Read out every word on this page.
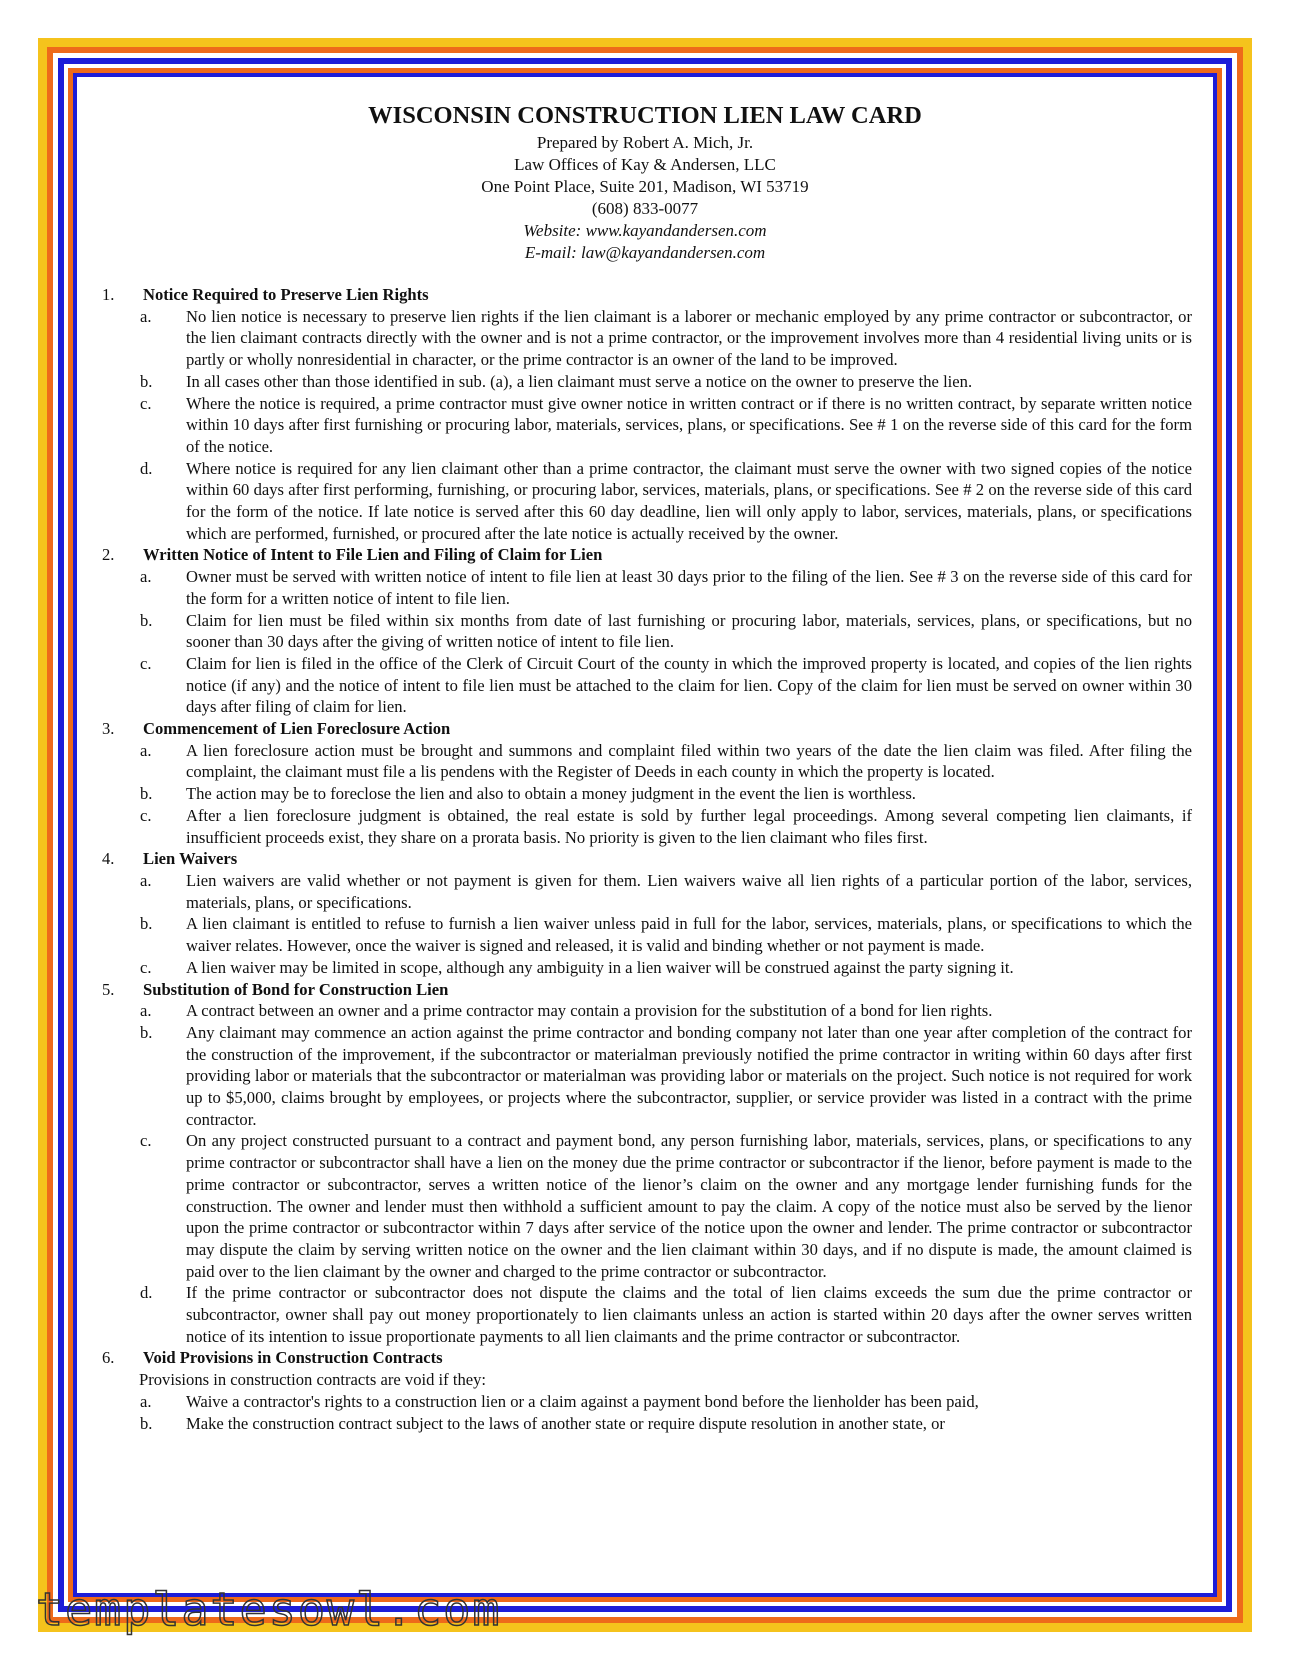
WISCONSIN CONSTRUCTION LIEN LAW CARD
Prepared by Robert A. Mich, Jr.
Law Offices of Kay & Andersen, LLC
One Point Place, Suite 201, Madison, WI 53719
(608) 833-0077
Website: www.kayandandersen.com
E-mail: law@kayandandersen.com
1.	Notice Required to Preserve Lien Rights
a.	No lien notice is necessary to preserve lien rights if the lien claimant is a laborer or mechanic employed by any prime contractor or subcontractor, or the lien claimant contracts directly with the owner and is not a prime contractor, or the improvement involves more than 4 residential living units or is partly or wholly nonresidential in character, or the prime contractor is an owner of the land to be improved.
b.	In all cases other than those identified in sub. (a), a lien claimant must serve a notice on the owner to preserve the lien.
c.	Where the notice is required, a prime contractor must give owner notice in written contract or if there is no written contract, by separate written notice within 10 days after first furnishing or procuring labor, materials, services, plans, or specifications. See # 1 on the reverse side of this card for the form of the notice.
d.	Where notice is required for any lien claimant other than a prime contractor, the claimant must serve the owner with two signed copies of the notice within 60 days after first performing, furnishing, or procuring labor, services, materials, plans, or specifications. See # 2 on the reverse side of this card for the form of the notice. If late notice is served after this 60 day deadline, lien will only apply to labor, services, materials, plans, or specifications which are performed, furnished, or procured after the late notice is actually received by the owner.
2.	Written Notice of Intent to File Lien and Filing of Claim for Lien
a.	Owner must be served with written notice of intent to file lien at least 30 days prior to the filing of the lien. See # 3 on the reverse side of this card for the form for a written notice of intent to file lien.
b.	Claim for lien must be filed within six months from date of last furnishing or procuring labor, materials, services, plans, or specifications, but no sooner than 30 days after the giving of written notice of intent to file lien.
c.	Claim for lien is filed in the office of the Clerk of Circuit Court of the county in which the improved property is located, and copies of the lien rights notice (if any) and the notice of intent to file lien must be attached to the claim for lien. Copy of the claim for lien must be served on owner within 30 days after filing of claim for lien.
3.	Commencement of Lien Foreclosure Action
a.	A lien foreclosure action must be brought and summons and complaint filed within two years of the date the lien claim was filed. After filing the complaint, the claimant must file a lis pendens with the Register of Deeds in each county in which the property is located.
b.	The action may be to foreclose the lien and also to obtain a money judgment in the event the lien is worthless.
c.	After a lien foreclosure judgment is obtained, the real estate is sold by further legal proceedings. Among several competing lien claimants, if insufficient proceeds exist, they share on a prorata basis. No priority is given to the lien claimant who files first.
4.	Lien Waivers
a.	Lien waivers are valid whether or not payment is given for them. Lien waivers waive all lien rights of a particular portion of the labor, services, materials, plans, or specifications.
b.	A lien claimant is entitled to refuse to furnish a lien waiver unless paid in full for the labor, services, materials, plans, or specifications to which the waiver relates. However, once the waiver is signed and released, it is valid and binding whether or not payment is made.
c.	A lien waiver may be limited in scope, although any ambiguity in a lien waiver will be construed against the party signing it.
5.	Substitution of Bond for Construction Lien
a.	A contract between an owner and a prime contractor may contain a provision for the substitution of a bond for lien rights.
b.	Any claimant may commence an action against the prime contractor and bonding company not later than one year after completion of the contract for the construction of the improvement, if the subcontractor or materialman previously notified the prime contractor in writing within 60 days after first providing labor or materials that the subcontractor or materialman was providing labor or materials on the project. Such notice is not required for work up to $5,000, claims brought by employees, or projects where the subcontractor, supplier, or service provider was listed in a contract with the prime contractor.
c.	On any project constructed pursuant to a contract and payment bond, any person furnishing labor, materials, services, plans, or specifications to any prime contractor or subcontractor shall have a lien on the money due the prime contractor or subcontractor if the lienor, before payment is made to the prime contractor or subcontractor, serves a written notice of the lienor’s claim on the owner and any mortgage lender furnishing funds for the construction. The owner and lender must then withhold a sufficient amount to pay the claim. A copy of the notice must also be served by the lienor upon the prime contractor or subcontractor within 7 days after service of the notice upon the owner and lender. The prime contractor or subcontractor may dispute the claim by serving written notice on the owner and the lien claimant within 30 days, and if no dispute is made, the amount claimed is paid over to the lien claimant by the owner and charged to the prime contractor or subcontractor.
d.	If the prime contractor or subcontractor does not dispute the claims and the total of lien claims exceeds the sum due the prime contractor or subcontractor, owner shall pay out money proportionately to lien claimants unless an action is started within 20 days after the owner serves written notice of its intention to issue proportionate payments to all lien claimants and the prime contractor or subcontractor.
6.	Void Provisions in Construction Contracts
Provisions in construction contracts are void if they:
a.	Waive a contractor's rights to a construction lien or a claim against a payment bond before the lienholder has been paid,
b.	Make the construction contract subject to the laws of another state or require dispute resolution in another state, or
templatesowl.com
